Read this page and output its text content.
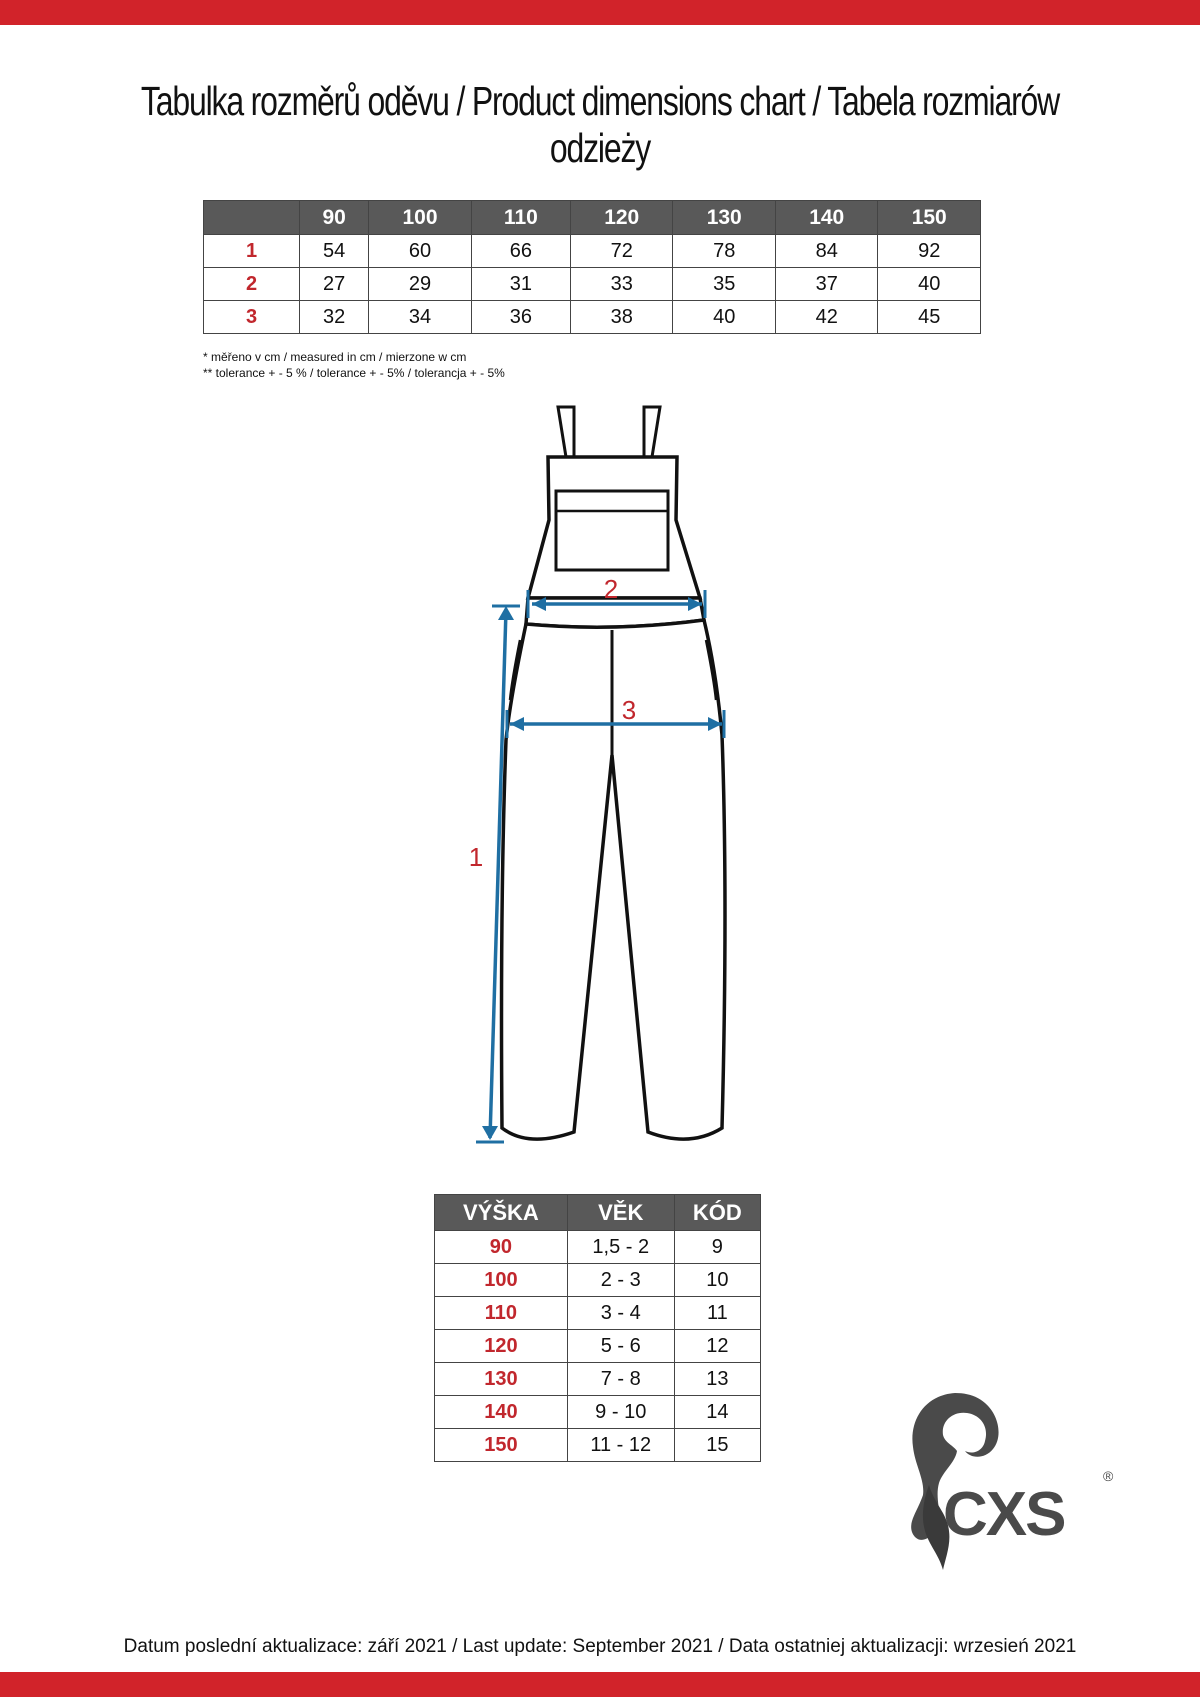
Tabulka rozměrů oděvu / Product dimensions chart / Tabela rozmiarów odzieży
	90	100	110	120	130	140	150
1	54	60	66	72	78	84	92
2	27	29	31	33	35	37	40
3	32	34	36	38	40	42	45
* měřeno v cm / measured in cm / mierzone w cm
** tolerance + - 5 % / tolerance + - 5% / tolerancja + - 5%
2
3
1
VÝŠKA	VĚK	KÓD
90	1,5 - 2	9
100	2 - 3	10
110	3 - 4	11
120	5 - 6	12
130	7 - 8	13
140	9 - 10	14
150	11 - 12	15
CXS
®
Datum poslední aktualizace: září 2021 / Last update: September 2021 / Data ostatniej aktualizacji: wrzesień 2021
